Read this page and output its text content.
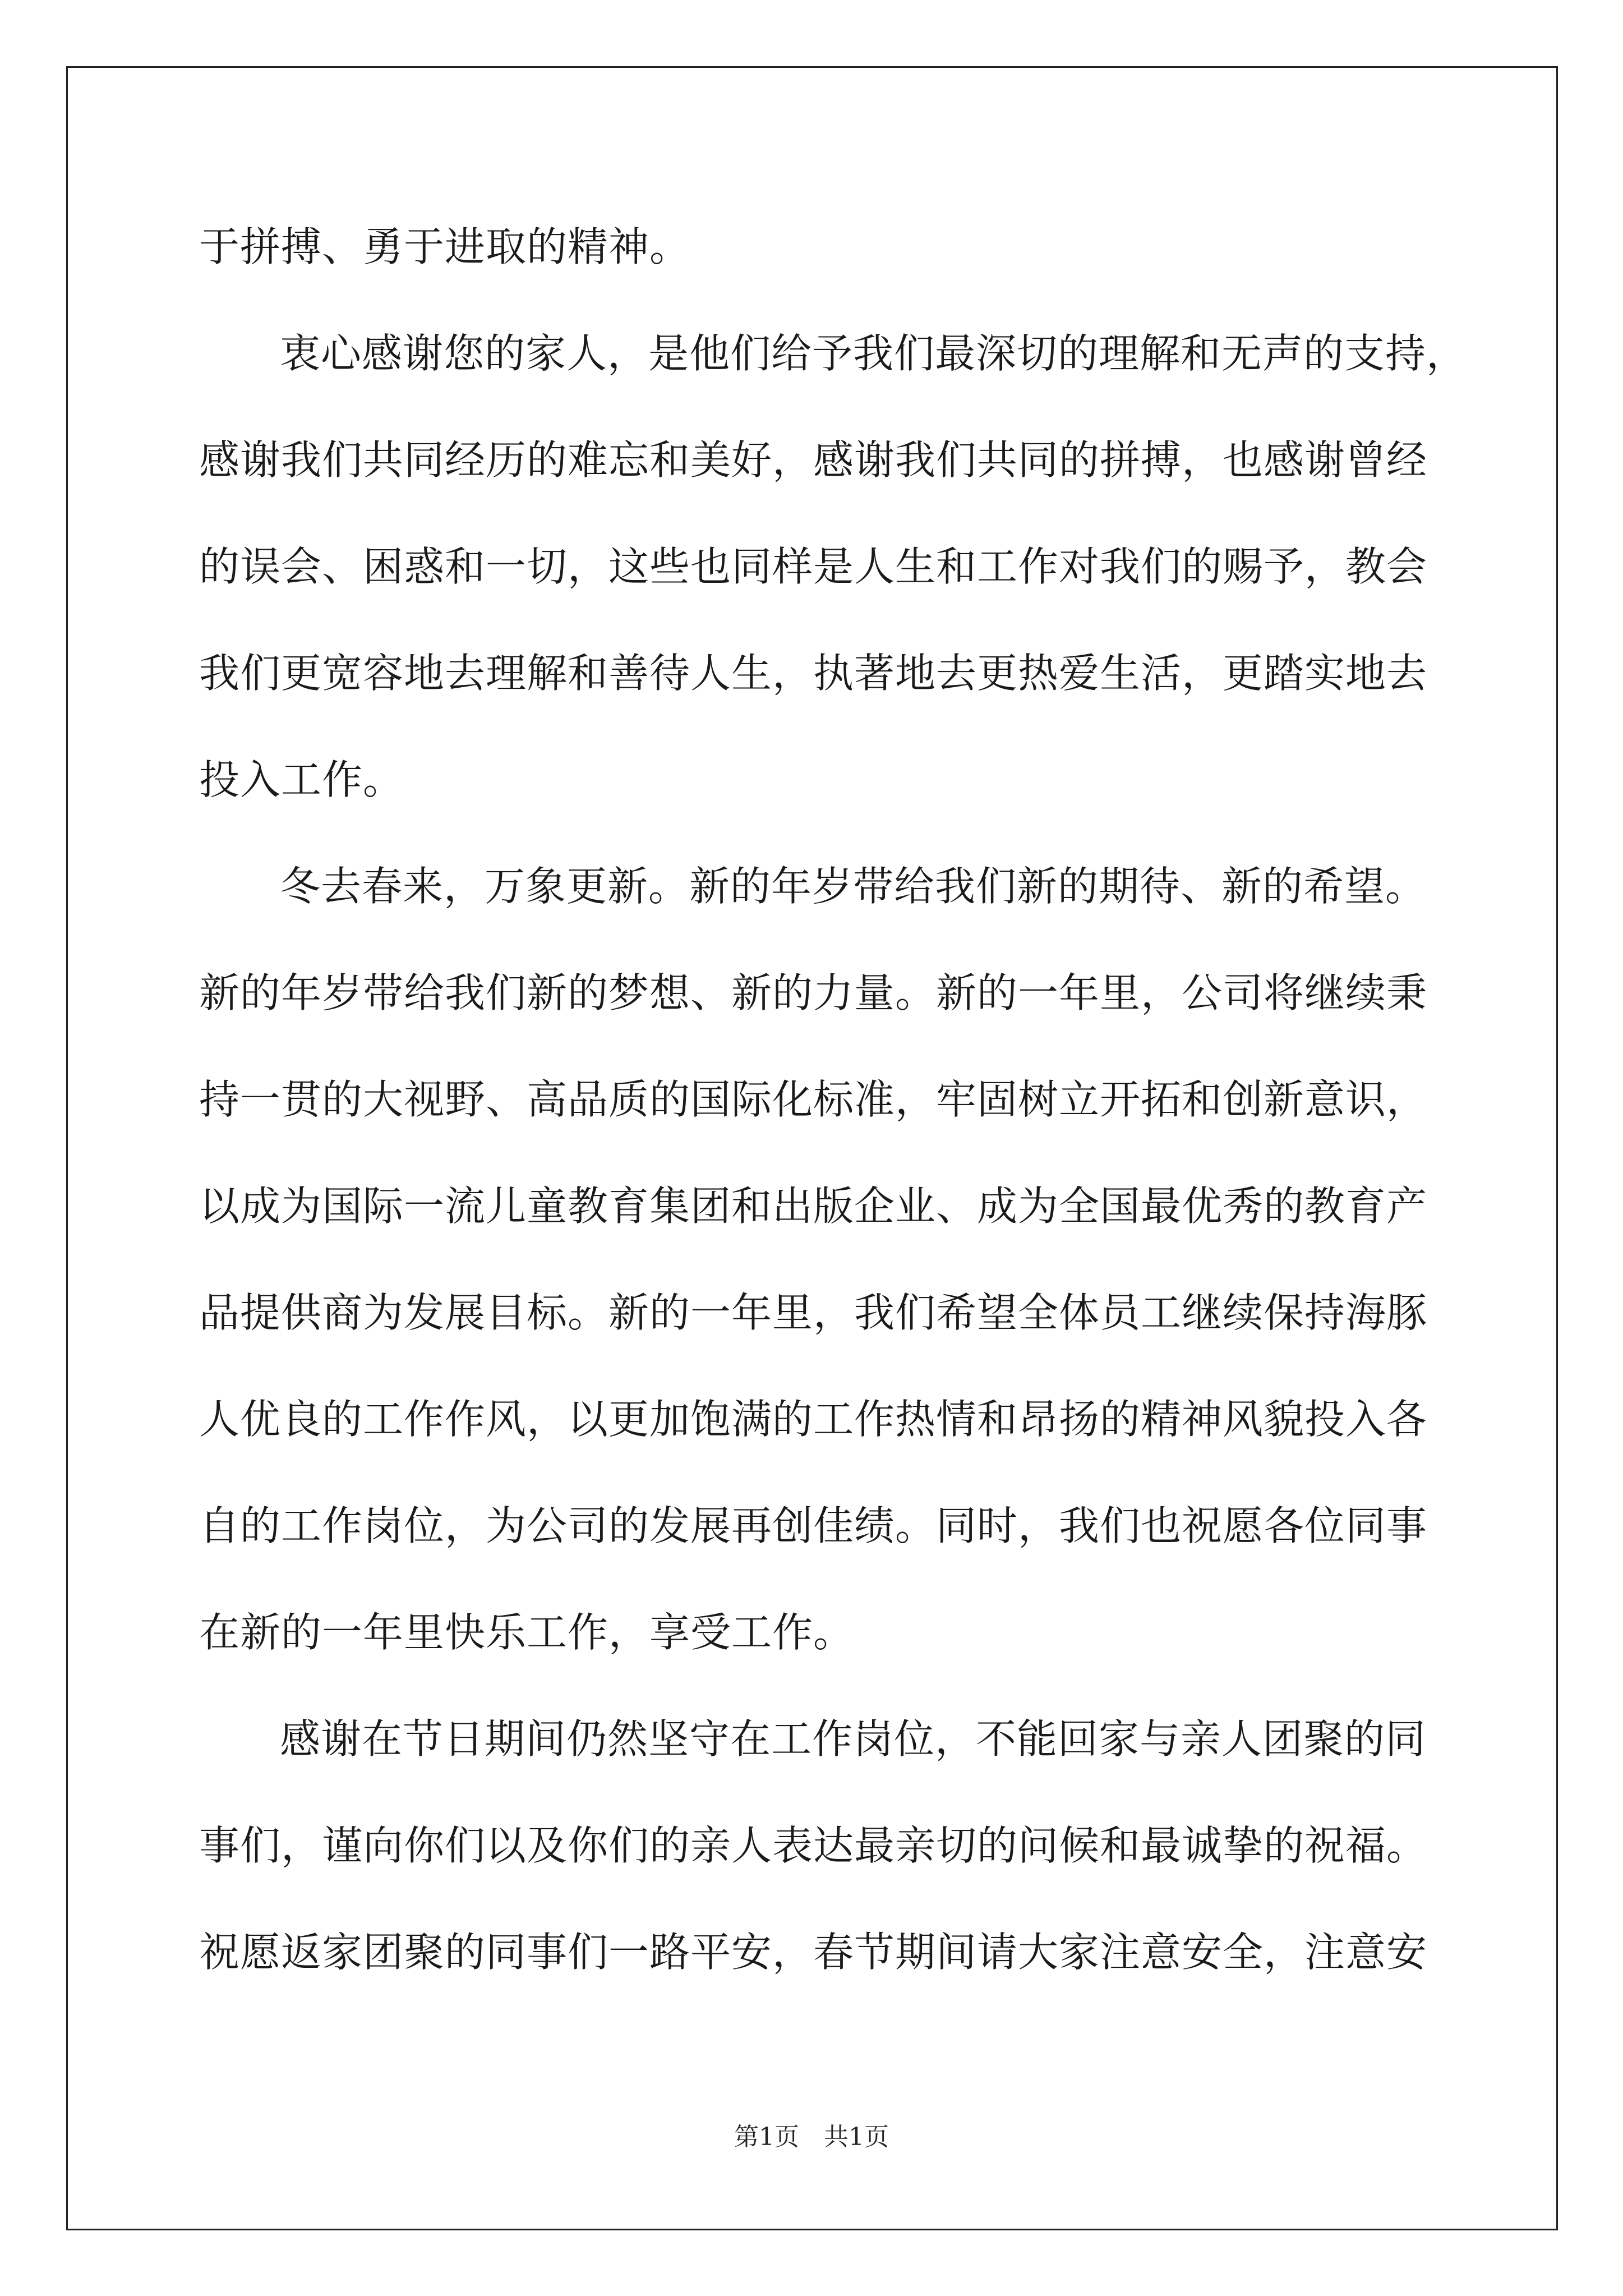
于拼搏、勇于进取的精神。
衷心感谢您的家人，是他们给予我们最深切的理解和无声的支持，
感谢我们共同经历的难忘和美好，感谢我们共同的拼搏，也感谢曾经
的误会、困惑和一切，这些也同样是人生和工作对我们的赐予，教会
我们更宽容地去理解和善待人生，执著地去更热爱生活，更踏实地去
投入工作。
冬去春来，万象更新。新的年岁带给我们新的期待、新的希望。
新的年岁带给我们新的梦想、新的力量。新的一年里，公司将继续秉
持一贯的大视野、高品质的国际化标准，牢固树立开拓和创新意识，
以成为国际一流儿童教育集团和出版企业、成为全国最优秀的教育产
品提供商为发展目标。新的一年里，我们希望全体员工继续保持海豚
人优良的工作作风，以更加饱满的工作热情和昂扬的精神风貌投入各
自的工作岗位，为公司的发展再创佳绩。同时，我们也祝愿各位同事
在新的一年里快乐工作，享受工作。
感谢在节日期间仍然坚守在工作岗位，不能回家与亲人团聚的同
事们，谨向你们以及你们的亲人表达最亲切的问候和最诚挚的祝福。
祝愿返家团聚的同事们一路平安，春节期间请大家注意安全，注意安
第1页　共1页
